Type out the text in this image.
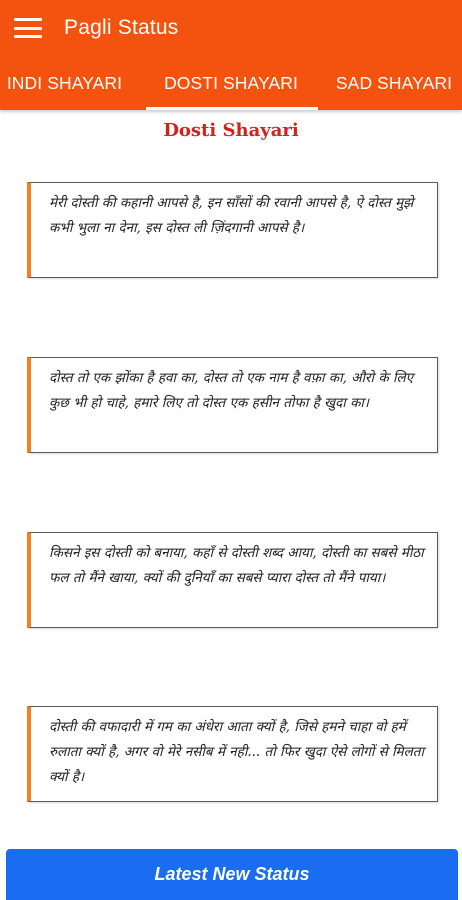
Pagli Status
INDI SHAYARI	DOSTI SHAYARI	SAD SHAYARI
Dosti Shayari

मेरी दोस्ती की कहानी आपसे है, इन साँसों की रवानी आपसे है, ऐ दोस्त मुझे कभी भुला ना देना, इस दोस्त ली ज़िंदगानी आपसे है।

दोस्त तो एक झोंका है हवा का, दोस्त तो एक नाम है वफ़ा का, औरो के लिए कुछ भी हो चाहे, हमारे लिए तो दोस्त एक हसीन तोफा है खुदा का।

किसने इस दोस्ती को बनाया, कहाँ से दोस्ती शब्द आया, दोस्ती का सबसे मीठा फल तो मैंने खाया, क्यों की दुनियाँ का सबसे प्यारा दोस्त तो मैंने पाया।

दोस्ती की वफादारी में गम का अंधेरा आता क्यों है, जिसे हमने चाहा वो हमें रुलाता क्यों है, अगर वो मेरे नसीब में नही... तो फिर खुदा ऐसे लोगों से मिलता क्यों है।

Latest New Status
